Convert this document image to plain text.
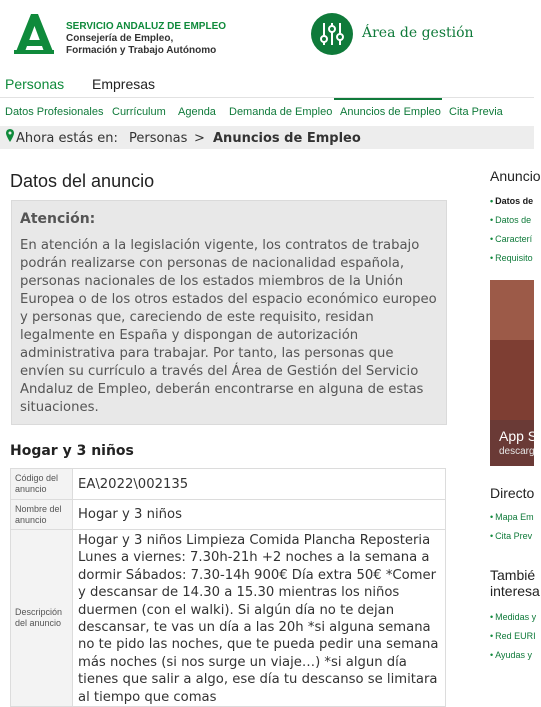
SERVICIO ANDALUZ DE EMPLEO
Consejería de Empleo,
Formación y Trabajo Autónomo
Área de gestión
Personas Empresas
Datos Profesionales Currículum Agenda Demanda de Empleo Anuncios de Empleo Cita Previa
Ahora estás en: Personas > Anuncios de Empleo
Datos del anuncio
Atención:
En atención a la legislación vigente, los contratos de trabajo podrán realizarse con personas de nacionalidad española, personas nacionales de los estados miembros de la Unión Europea o de los otros estados del espacio económico europeo y personas que, careciendo de este requisito, residan legalmente en España y dispongan de autorización administrativa para trabajar. Por tanto, las personas que envíen su currículo a través del Área de Gestión del Servicio Andaluz de Empleo, deberán encontrarse en alguna de estas situaciones.
Hogar y 3 niños
Código del anuncio	EA\2022\002135
Nombre del anuncio	Hogar y 3 niños
Descripción del anuncio	Hogar y 3 niños Limpieza Comida Plancha Reposteria Lunes a viernes: 7.30h-21h +2 noches a la semana a dormir Sábados: 7.30-14h 900€ Día extra 50€ *Comer y descansar de 14.30 a 15.30 mientras los niños duermen (con el walki). Si algún día no te dejan descansar, te vas un día a las 20h *si alguna semana no te pido las noches, que te pueda pedir una semana más noches (si nos surge un viaje…) *si algun día tienes que salir a algo, ese día tu descanso se limitara al tiempo que comas
Anuncio
• Datos de
• Datos de
• Caracterí
• Requisito
App S
descarg
Directo
• Mapa Em
• Cita Prev
Tambié
interesa
• Medidas y
• Red EURI
• Ayudas y
